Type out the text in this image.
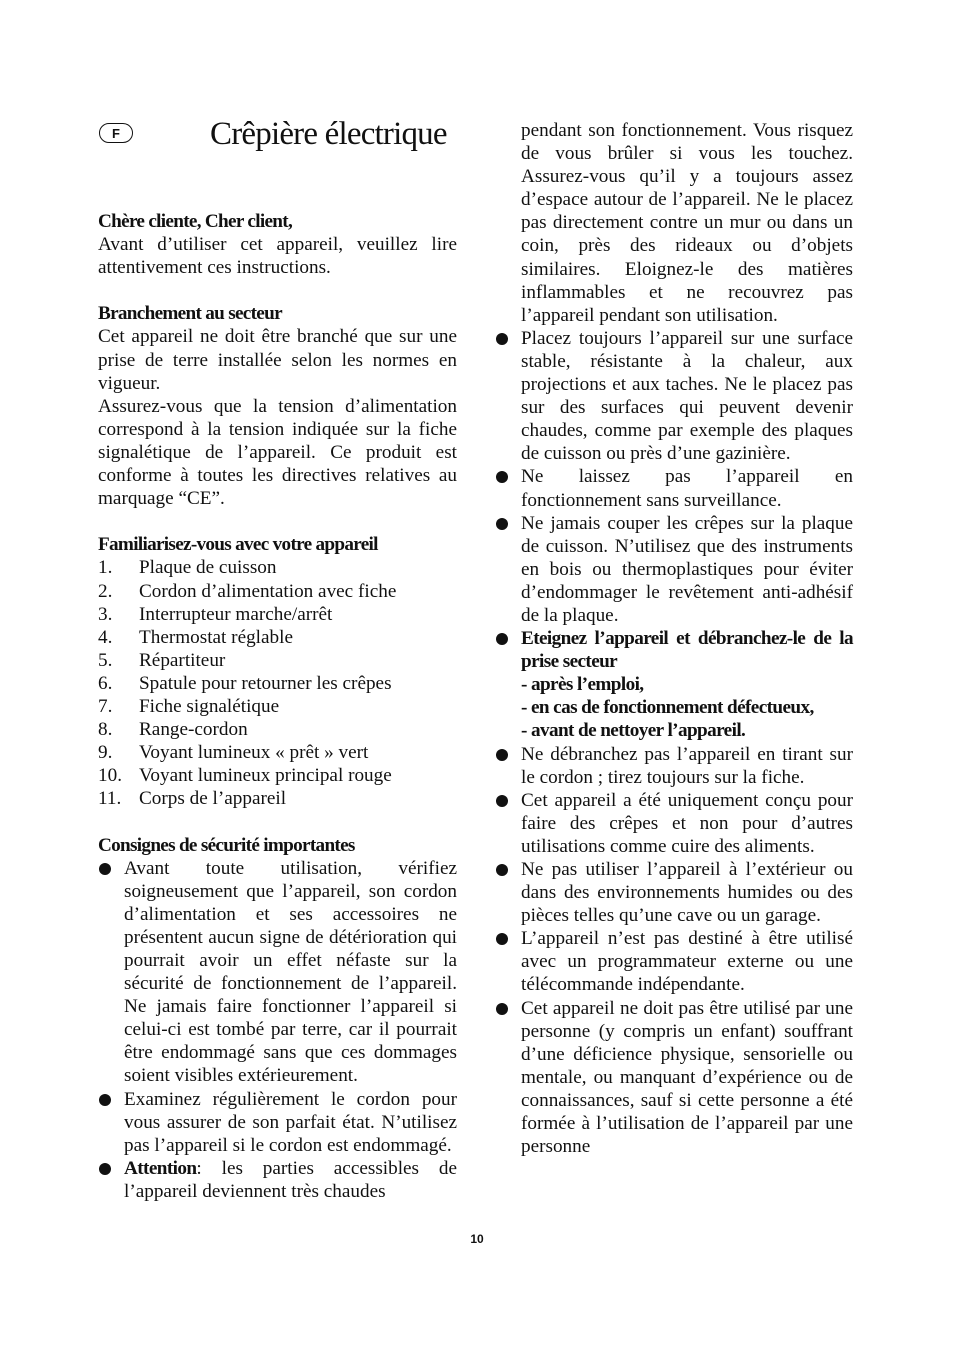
F	Crêpière électrique
Chère cliente, Cher client,
Avant d’utiliser cet appareil, veuillez lire attentivement ces instructions.
Branchement au secteur
Cet appareil ne doit être branché que sur une prise de terre installée selon les normes en vigueur.
Assurez-vous que la tension d’alimentation correspond à la tension indiquée sur la fiche signalétique de l’appareil. Ce produit est conforme à toutes les directives relatives au marquage “CE”.
Familiarisez-vous avec votre appareil
1.	Plaque de cuisson
2.	Cordon d’alimentation avec fiche
3.	Interrupteur marche/arrêt
4.	Thermostat réglable
5.	Répartiteur
6.	Spatule pour retourner les crêpes
7.	Fiche signalétique
8.	Range-cordon
9.	Voyant lumineux « prêt » vert
10. Voyant lumineux principal rouge
11. Corps de l’appareil
Consignes de sécurité importantes
Avant toute utilisation, vérifiez soigneusement que l’appareil, son cordon d’alimentation et ses accessoires ne présentent aucun signe de détérioration qui pourrait avoir un effet néfaste sur la sécurité de fonctionnement de l’appareil. Ne jamais faire fonctionner l’appareil si celui-ci est tombé par terre, car il pourrait être endommagé sans que ces dommages soient visibles extérieurement.
Examinez régulièrement le cordon pour vous assurer de son parfait état. N’utilisez pas l’appareil si le cordon est endommagé.
Attention: les parties accessibles de l’appareil deviennent très chaudes
pendant son fonctionnement. Vous risquez de vous brûler si vous les touchez. Assurez-vous qu’il y a toujours assez d’espace autour de l’appareil. Ne le placez pas directement contre un mur ou dans un coin, près des rideaux ou d’objets similaires. Eloignez-le des matières inflammables et ne recouvrez pas l’appareil pendant son utilisation.
Placez toujours l’appareil sur une surface stable, résistante à la chaleur, aux projections et aux taches. Ne le placez pas sur des surfaces qui peuvent devenir chaudes, comme par exemple des plaques de cuisson ou près d’une gazinière.
Ne laissez pas l’appareil en fonctionnement sans surveillance.
Ne jamais couper les crêpes sur la plaque de cuisson. N’utilisez que des instruments en bois ou thermoplastiques pour éviter d’endommager le revêtement anti-adhésif de la plaque.
Eteignez l’appareil et débranchez-le de la prise secteur
- après l’emploi,
- en cas de fonctionnement défectueux,
- avant de nettoyer l’appareil.
Ne débranchez pas l’appareil en tirant sur le cordon ; tirez toujours sur la fiche.
Cet appareil a été uniquement conçu pour faire des crêpes et non pour d’autres utilisations comme cuire des aliments.
Ne pas utiliser l’appareil à l’extérieur ou dans des environnements humides ou des pièces telles qu’une cave ou un garage.
L’appareil n’est pas destiné à être utilisé avec un programmateur externe ou une télécommande indépendante.
Cet appareil ne doit pas être utilisé par une personne (y compris un enfant) souffrant d’une déficience physique, sensorielle ou mentale, ou manquant d’expérience ou de connaissances, sauf si cette personne a été formée à l’utilisation de l’appareil par une personne
10
